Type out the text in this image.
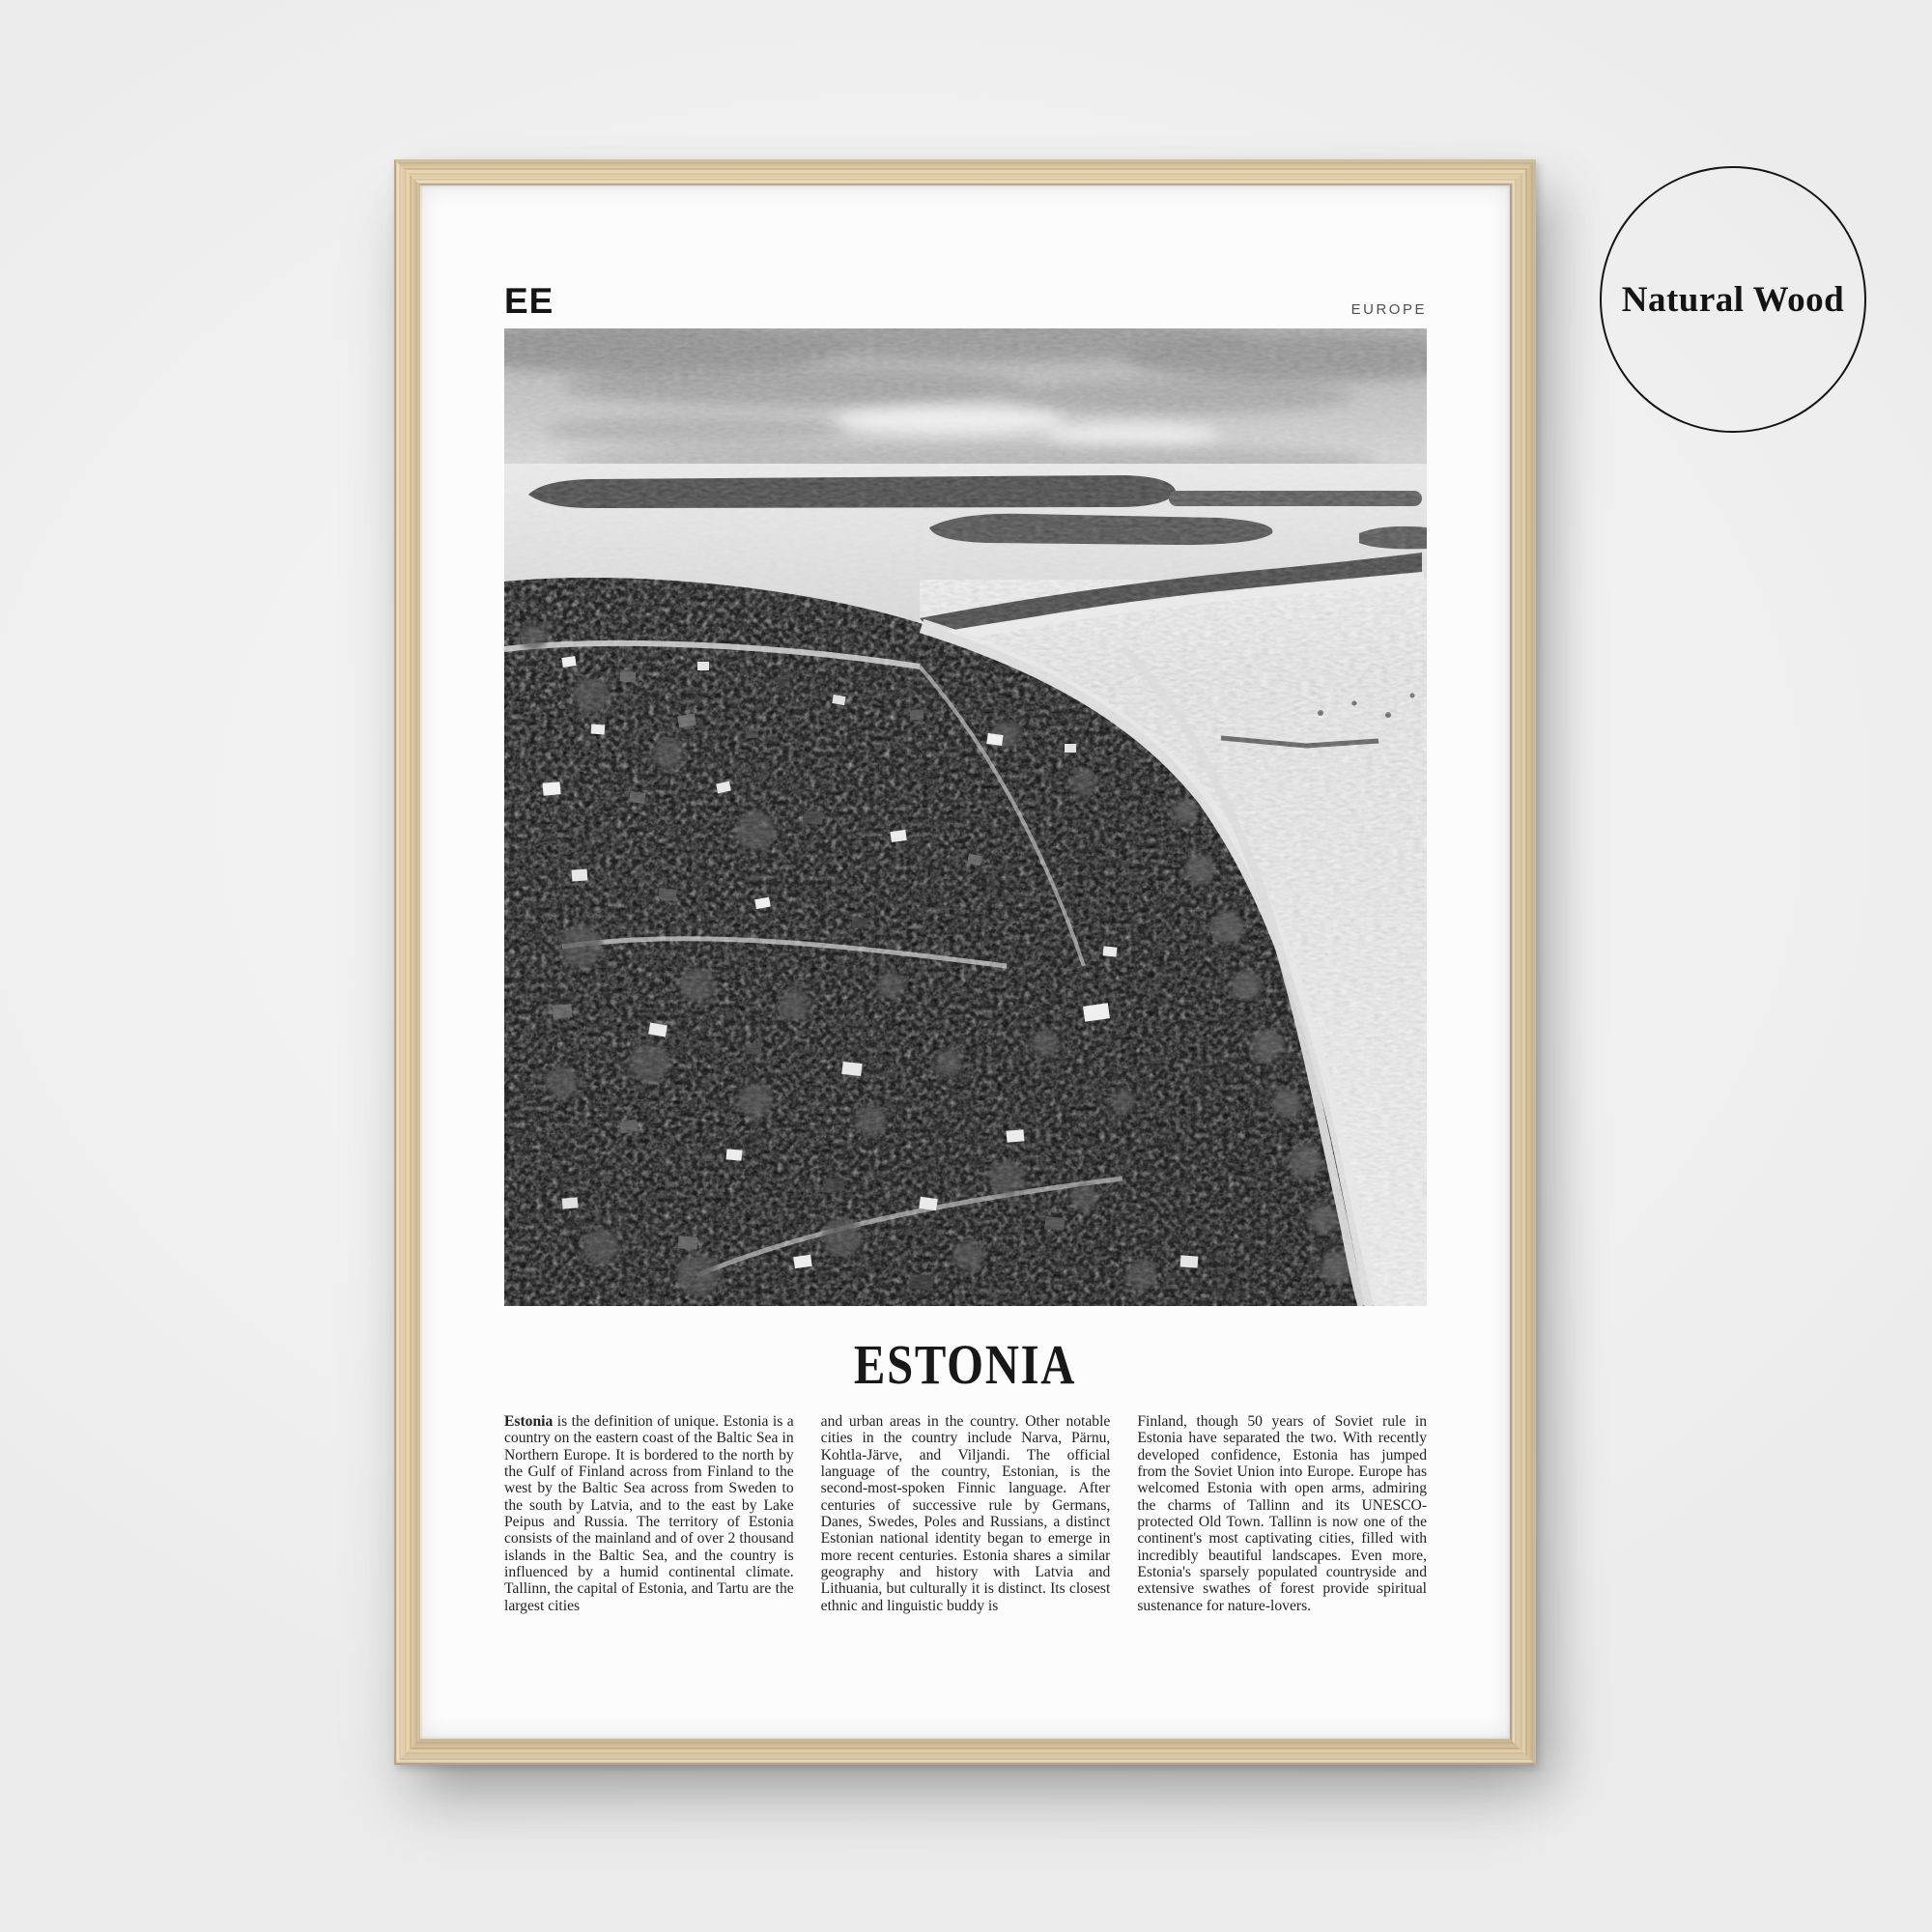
EE	EUROPE
ESTONIA

Estonia is the definition of unique. Estonia is a country on the eastern coast of the Baltic Sea in Northern Europe. It is bordered to the north by the Gulf of Finland across from Finland to the west by the Baltic Sea across from Sweden to the south by Latvia, and to the east by Lake Peipus and Russia. The territory of Estonia consists of the mainland and of over 2 thousand islands in the Baltic Sea, and the country is influenced by a humid continental climate. Tallinn, the capital of Estonia, and Tartu are the largest cities

and urban areas in the country. Other notable cities in the country include Narva, Pärnu, Kohtla-Järve, and Viljandi. The official language of the country, Estonian, is the second-most-spoken Finnic language. After centuries of successive rule by Germans, Danes, Swedes, Poles and Russians, a distinct Estonian national identity began to emerge in more recent centuries. Estonia shares a similar geography and history with Latvia and Lithuania, but culturally it is distinct. Its closest ethnic and linguistic buddy is

Finland, though 50 years of Soviet rule in Estonia have separated the two. With recently developed confidence, Estonia has jumped from the Soviet Union into Europe. Europe has welcomed Estonia with open arms, admiring the charms of Tallinn and its UNESCO-protected Old Town. Tallinn is now one of the continent's most captivating cities, filled with incredibly beautiful landscapes. Even more, Estonia's sparsely populated countryside and extensive swathes of forest provide spiritual sustenance for nature-lovers.

Natural Wood
